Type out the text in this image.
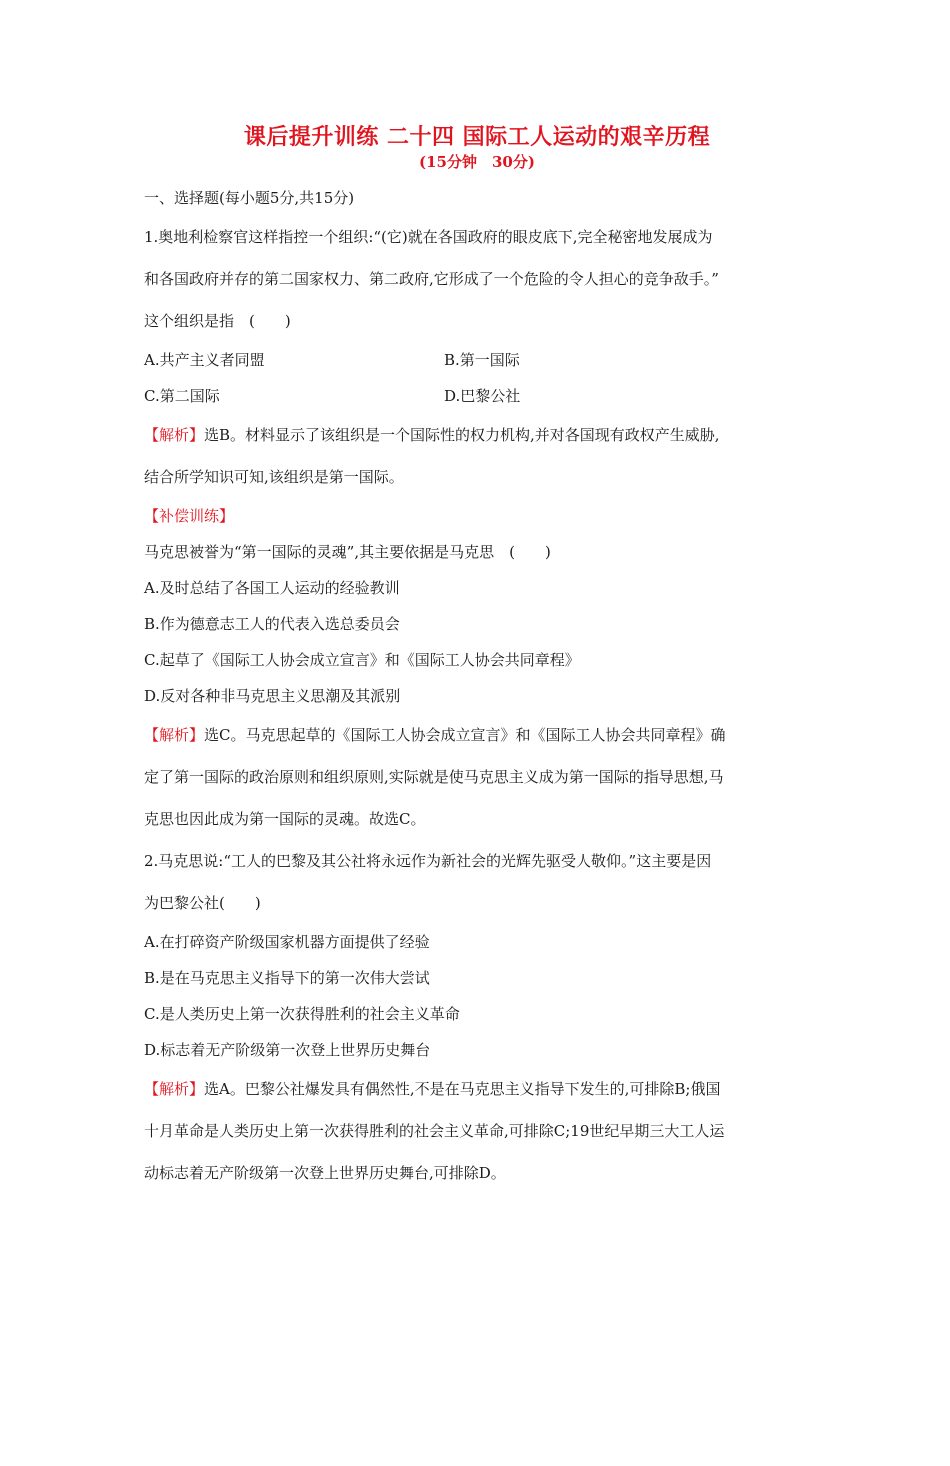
课后提升训练 二十四 国际工人运动的艰辛历程
(15分钟　30分)
一、选择题(每小题5分,共15分)
1.奥地利检察官这样指控一个组织:“(它)就在各国政府的眼皮底下,完全秘密地发展成为
和各国政府并存的第二国家权力、第二政府,它形成了一个危险的令人担心的竞争敌手。”
这个组织是指　(　　)
A.共产主义者同盟	B.第一国际
C.第二国际	D.巴黎公社
【解析】选B。材料显示了该组织是一个国际性的权力机构,并对各国现有政权产生威胁,
结合所学知识可知,该组织是第一国际。
【补偿训练】
马克思被誉为“第一国际的灵魂”,其主要依据是马克思　(　　)
A.及时总结了各国工人运动的经验教训
B.作为德意志工人的代表入选总委员会
C.起草了《国际工人协会成立宣言》和《国际工人协会共同章程》
D.反对各种非马克思主义思潮及其派别
【解析】选C。马克思起草的《国际工人协会成立宣言》和《国际工人协会共同章程》确
定了第一国际的政治原则和组织原则,实际就是使马克思主义成为第一国际的指导思想,马
克思也因此成为第一国际的灵魂。故选C。
2.马克思说:“工人的巴黎及其公社将永远作为新社会的光辉先驱受人敬仰。”这主要是因
为巴黎公社(　　)
A.在打碎资产阶级国家机器方面提供了经验
B.是在马克思主义指导下的第一次伟大尝试
C.是人类历史上第一次获得胜利的社会主义革命
D.标志着无产阶级第一次登上世界历史舞台
【解析】选A。巴黎公社爆发具有偶然性,不是在马克思主义指导下发生的,可排除B;俄国
十月革命是人类历史上第一次获得胜利的社会主义革命,可排除C;19世纪早期三大工人运
动标志着无产阶级第一次登上世界历史舞台,可排除D。
